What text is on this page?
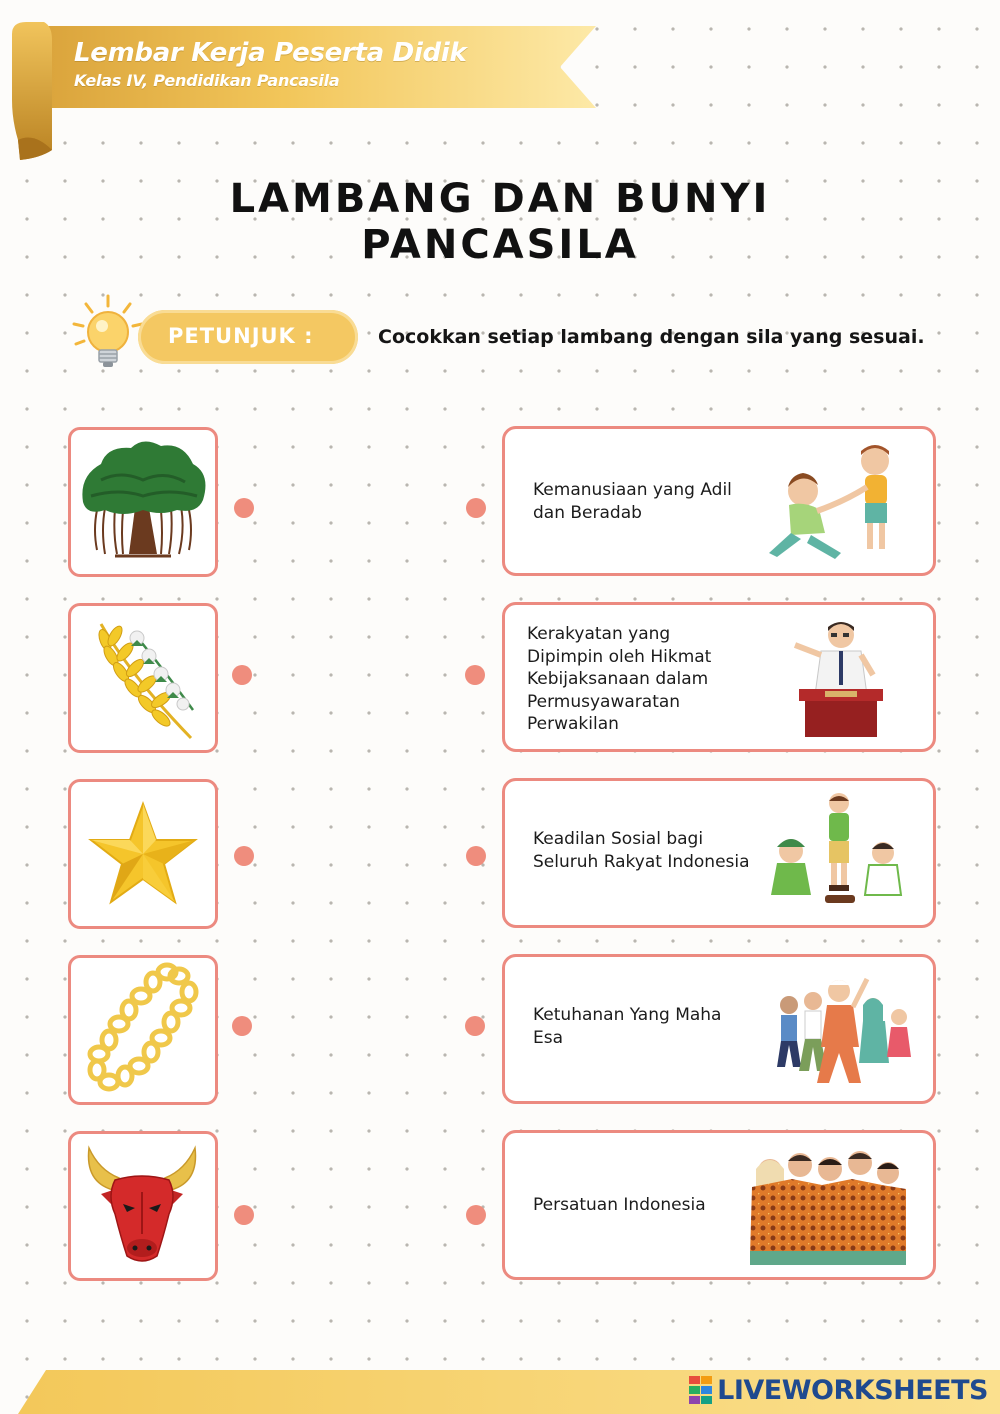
Lembar Kerja Peserta Didik
Kelas IV, Pendidikan Pancasila
LAMBANG DAN BUNYI
PANCASILA
PETUNJUK :	Cocokkan setiap lambang dengan sila yang sesuai.
Kemanusiaan yang Adil
dan Beradab
Kerakyatan yang
Dipimpin oleh Hikmat
Kebijaksanaan dalam
Permusyawaratan
Perwakilan
Keadilan Sosial bagi
Seluruh Rakyat Indonesia
Ketuhanan Yang Maha
Esa
Persatuan Indonesia
LIVEWORKSHEETS
